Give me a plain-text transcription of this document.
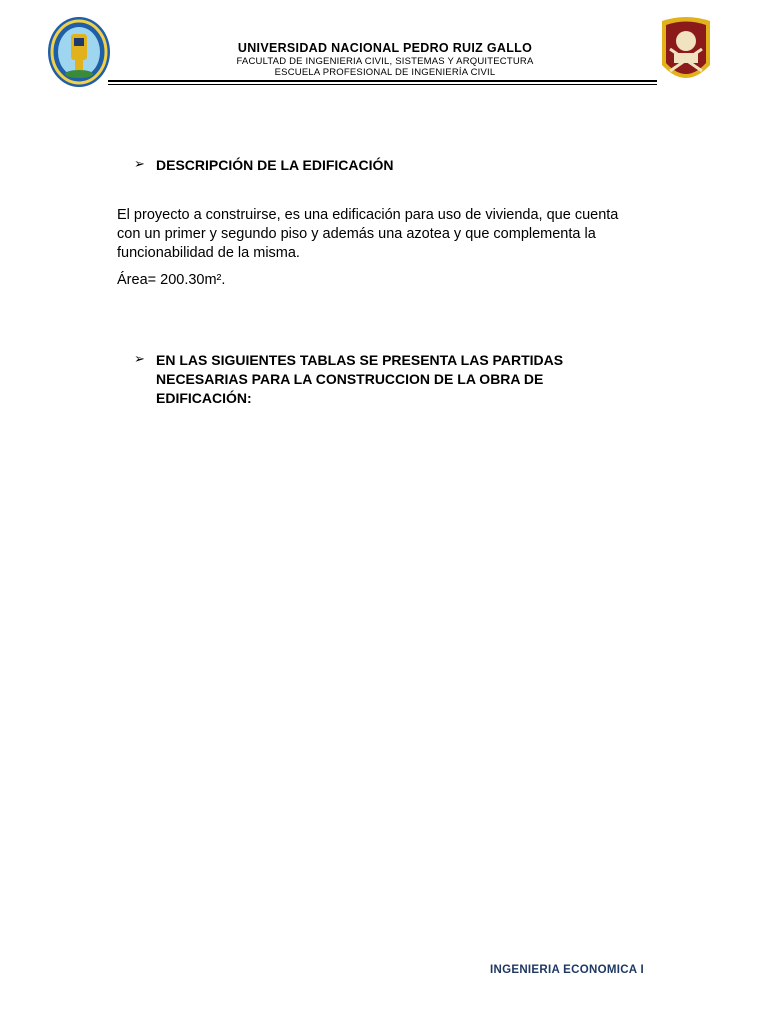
UNIVERSIDAD NACIONAL PEDRO RUIZ GALLO
FACULTAD DE INGENIERIA CIVIL, SISTEMAS Y ARQUITECTURA
ESCUELA PROFESIONAL DE INGENIERÍA CIVIL
➢ DESCRIPCIÓN DE LA EDIFICACIÓN
El proyecto a construirse, es una edificación para uso de vivienda, que cuenta
con un primer y segundo piso y además una azotea y que complementa la
funcionabilidad de la misma.
Área= 200.30m².
➢ EN LAS SIGUIENTES TABLAS SE PRESENTA LAS PARTIDAS
NECESARIAS PARA LA CONSTRUCCION DE LA OBRA DE
EDIFICACIÓN:
INGENIERIA ECONOMICA I
